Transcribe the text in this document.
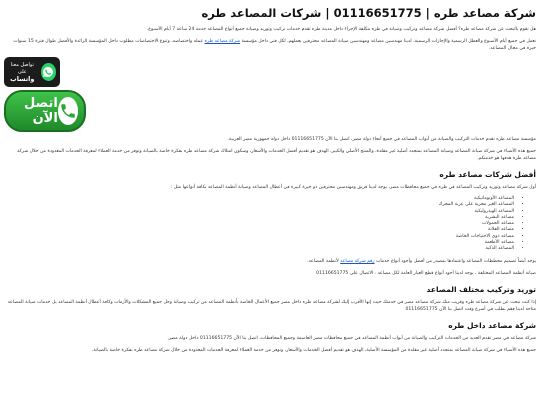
شركة مصاعد طره | 01116651775 | شركات المصاعد طره

هل تقوم بالبحث عن شركة مصاعد طره؟ أفضل شركة مصاعد وتركيب وصيانة في طره بتكلفة الإجراء داخل مدينة طره تقدم خدمات تركيب وتوريد وصيانة جميع أنواع المصاعد خدمة 24 ساعة 7 أيام الأسبوع.

نعمل في جميع أيام الأسبوع والعطل الرسمية والإجازات الرسمية، لدينا مهندسين مصاعد ومهندسين صيانة المصاعد محترفين بعملهم، لكل فني داخل مؤسسة شركة مصاعد طره عمله واختصاصه، وتنوع الاختصاصات مطلوب داخل المؤسسة الرائدة والأفضل طوال فترة 15 سنوات خبرة في مجال المصاعد.

تواصل معنا على
واتساب
اتصل الآن

مؤسسة مصاعد طره تقدم خدمات التركيب والصيانة من أبواب المصاعد في جميع أنحاء دولة مصر، اتصل بنا الآن 01116651775 داخل دولة جمهورية مصر العربية.

جميع هذه الأشياء في شركة صيانة المصاعد وصيانة المصاعد بمتجدد أصلية غير مقلدة، والمنتج الأصلي والكبير، الهدف هو تقديم أفضل الخدمات والأسعار، وسكون امتلاك شركة مصاعد طره بفكرة خاصة بالصيانة وتوفر من خدمة العملاء لمعرفة الخدمات المعدودة من خلال شركة مصاعد طره هدفها هو خدمتكم.

أفضل شركات مصاعد طره

أول شركة مصاعد وتوريد وتركيب المصاعد في طره في جميع محافظات مصر، يوجد لدينا فريق ومهندسين محترفين ذو خبرة كبيرة في أعطال المصاعد وصيانة أنظمة المصاعد بكافة أنواعها مثل :

• المصاعد الأوتوماتيكية
• المصاعد الغير مخزية على عربة المجرك
• المصاعد الهيدروليكية
• مصاعد البشرية
• مصاعد الحمولات
• مصاعد الفلانة
• مصاعد ذوي الاحتياجات الخاصة
• مصاعد الأطعمة
• المصاعد الذكية

يوجد أيضاً تصميم مخططات المصاعد واعتمادها بمصدر من أفضل وأجود أنواع خدمات رقم شركة مصاعد لأنظمة المصاعد.

صيانة أنظمة المصاعد المختلفة ، يوجد لدينا أجود أنواع قطع الغيار العامة لكل مصاعد . الاتصال على 01116651775

توريد وتركيب مختلف المصاعد

إذا كنت تبحث عن شركة مصاعد طره وقريب منك شركة مصاعد مصر في خدمتك حيث إنها الأقرب إليك لشركة مصاعد طره داخل مصر جميع الأعمال الخاصة بأنظمة المصاعد من تركيب وصيانة وحل جميع المشكلات والأزمات وكافة أعطال أنظمة المصاعد بل خدمات صيانة المصاعد متاحة لدينا فقم بطلب في أسرع وقت اتصل بنا الآن 01116651775

شركة مصاعد داخل طره

شركة مصاعد في مصر تقدم العديد من الخدمات التركيب والصيانة من أبواب أنظمة المصاعد في جميع محافظات مصر العاصمة وجميع المحافظات، اتصل بنا الآن 01116651775 داخل دولة مصر.

جميع هذه الأشياء في شركة صيانة المصاعد بمتجدد أصلية غير مقلدة من المؤسسة الأصلية، الهدف هو تقديم أفضل الخدمات والأسعار، وتوفر من خدمة العملاء لمعرفة الخدمات المعدودة من خلال شركة مصاعد طره بفكرة خاصة بالصيانة.
